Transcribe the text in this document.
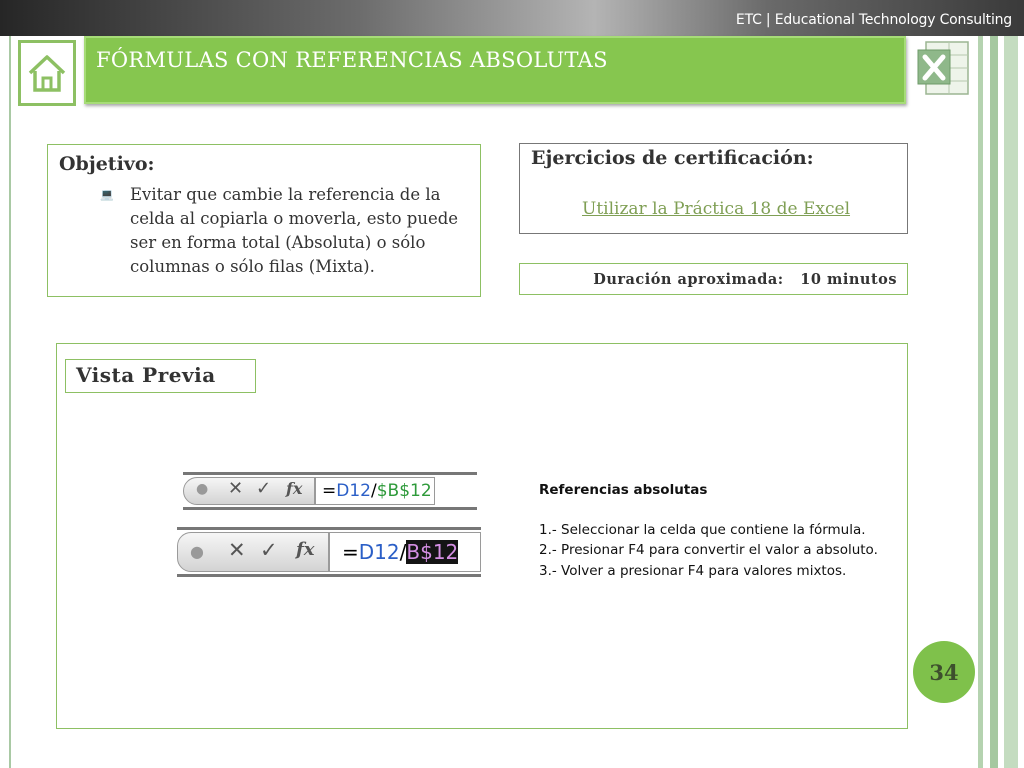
ETC | Educational Technology Consulting
FÓRMULAS CON REFERENCIAS ABSOLUTAS
Objetivo:
💻 Evitar que cambie la referencia de la celda al copiarla o moverla, esto puede ser en forma total (Absoluta) o sólo columnas o sólo filas (Mixta).
Ejercicios de certificación:
Utilizar la Práctica 18 de Excel
Duración aproximada: 10 minutos
Vista Previa
● ✕ ✓ fx	=D12/$B$12
● ✕ ✓ fx	=D12/B$12
Referencias absolutas
1.- Seleccionar la celda que contiene la fórmula.
2.- Presionar F4 para convertir el valor a absoluto.
3.- Volver a presionar F4 para valores mixtos.
34
